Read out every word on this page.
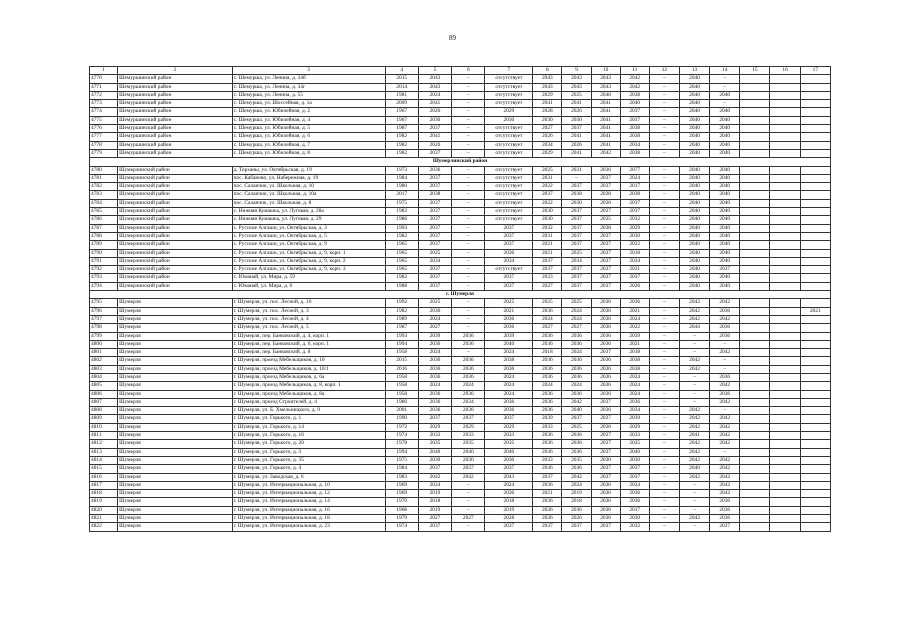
89
1	2	3	4	5	6	7	8	9	10	11	12	13	14	15	16	17
4770	Шемуршинский район	с. Шемурша, ул. Ленина, д. 34б	2015	2043	–	отсутствует	2043	2043	2043	2042	–	2040	–			
4771	Шемуршинский район	с. Шемурша, ул. Ленина, д. 34г	2014	2043	–	отсутствует	2043	2043	2043	2042	–	2040	–			
4772	Шемуршинский район	с. Шемурша, ул. Ленина, д. 55	1981	2024	–	отсутствует	2029	2025	2040	2038	–	2040	2040			
4773	Шемуршинский район	с. Шемурша, ул. Шоссейная, д. 1а	2009	2041	–	отсутствует	2041	2041	2041	2040	–	2040	–			
4774	Шемуршинский район	с. Шемурша, ул. Юбилейная, д. 2	1967	2026	–	2029	2028	2026	2041	2037	–	2040	2040			
4775	Шемуршинский район	с. Шемурша, ул. Юбилейная, д. 4	1967	2030	–	2030	2030	2030	2041	2037	–	2040	2040			
4776	Шемуршинский район	с. Шемурша, ул. Юбилейная, д. 5	1987	2037	–	отсутствует	2027	2037	2041	2038	–	2040	2040			
4777	Шемуршинский район	с. Шемурша, ул. Юбилейная, д. 6	1982	2041	–	отсутствует	2026	2041	2041	2038	–	2040	2040			
4778	Шемуршинский район	с. Шемурша, ул. Юбилейная, д. 7	1982	2026	–	отсутствует	2034	2026	2041	2034	–	2040	2040			
4779	Шемуршинский район	с. Шемурша, ул. Юбилейная, д. 8	1982	2037	–	отсутствует	2029	2041	2042	2038	–	2040	2040			
Шумерлинский район																
4780	Шумерлинский район	д. Торханы, ул. Октябрьская, д. 19	1973	2036	–	отсутствует	2025	2031	2036	2077	–	2040	2040			
4781	Шумерлинский район	пос. Кабаново, ул. Набережная, д. 19	1984	2037	–	отсутствует	2031	–	2037	2024	–	2040	2040			
4782	Шумерлинский район	пос. Саланчик, ул. Школьная, д. 10	1980	2037	–	отсутствует	2022	2037	2037	2017	–	2040	2040			
4783	Шумерлинский район	пос. Саланчик, ул. Школьная, д. 10а	2017	2038	–	отсутствует	2037	2038	2038	2038	–	2040	2040			
4784	Шумерлинский район	пос. Саланчик, ул. Школьная, д. 8	1975	2037	–	отсутствует	2022	2030	2036	2037	–	2040	2040			
4785	Шумерлинский район	с. Нижняя Кумашка, ул. Луговая, д. 28а	1983	2037	–	отсутствует	2030	2037	2037	2037	–	2040	2040			
4786	Шумерлинский район	с. Нижняя Кумашка, ул. Луговая, д. 29	1986	2037	–	отсутствует	2030	2037	2035	2032	–	2040	2040			
4787	Шумерлинский район	с. Русские Алгаши, ул. Октябрьская, д. 3	1993	2037	–	2037	2032	2037	2038	2029	–	2040	2040			
4788	Шумерлинский район	с. Русские Алгаши, ул. Октябрьская, д. 5	1982	2037	–	2037	2031	2037	2037	2030	–	2040	2040			
4789	Шумерлинский район	с. Русские Алгаши, ул. Октябрьская, д. 9	1965	2037	–	2037	2021	2037	2037	2022	–	2040	2040			
4790	Шумерлинский район	с. Русские Алгаши, ул. Октябрьская, д. 9, корп. 1	1965	2025	–	2036	2021	2025	2037	2018	–	2040	2040			
4791	Шумерлинский район	с. Русские Алгаши, ул. Октябрьская, д. 9, корп. 2	1965	2034	–	2034	2037	2034	2037	2034	–	2040	2040			
4792	Шумерлинский район	с. Русские Алгаши, ул. Октябрьская, д. 9, корп. 3	1965	2037	–	отсутствует	2037	2037	2037	2021	–	2040	2037			
4793	Шумерлинский район	с. Юманай, ул. Мира, д. 59	1982	2037	–	2037	2023	2037	2037	2037	–	2040	2040			
4794	Шумерлинский район	с. Юманай, ул. Мира, д. 6	1988	2037	–	2037	2027	2037	2037	2026	–	2040	2040			
г. Шумерля																
4795	Шумерля	г. Шумерля, ул. пос. Лесной, д. 10	1992	2025	–	2025	2025	2025	2036	2036	–	2042	2042			
4796	Шумерля	г. Шумерля, ул. пос. Лесной, д. 3	1982	2036	–	2021	2036	2024	2036	2021	–	2042	2036			2021
4797	Шумерля	г. Шумерля, ул. пос. Лесной, д. 4	1989	2024	–	2036	2024	2024	2036	2024	–	2042	2042			
4798	Шумерля	г. Шумерля, ул. пос. Лесной, д. 5	1987	2027	–	2036	2027	2027	2036	2022	–	2044	2036			
4799	Шумерля	г. Шумерля, пер. Банковский, д. 4, корп. 1	1993	2039	2036	2039	2036	2036	2036	2039	–	–	2036			
4800	Шумерля	г. Шумерля, пер. Банковский, д. 6, корп. 1	1994	2036	2036	2040	2036	2036	2036	2021	–	–	–			
4801	Шумерля	г. Шумерля, пер. Банковский, д. 8	1958	2024	–	2024	2018	2024	2037	2018	–	–	2042			
4802	Шумерля	г. Шумерля, проезд Мебельщиков, д. 10	2015	2036	2036	2038	2036	2036	2036	2038	–	2042	–			
4803	Шумерля	г. Шумерля, проезд Мебельщиков, д. 10/1	2016	2036	2036	2036	2036	2036	2036	2038	–	2042	–			
4804	Шумерля	г. Шумерля, проезд Мебельщиков, д. 6а	1958	2036	2036	2024	2036	2036	2036	2024	–	–	2036			
4805	Шумерля	г. Шумерля, проезд Мебельщиков, д. 8, корп. 1	1958	2024	2024	2024	2024	2024	2036	2024	–	–	2042			
4806	Шумерля	г. Шумерля, проезд Мебельщиков, д. 8а	1958	2036	2036	2024	2036	2036	2036	2024	–	–	2036			
4807	Шумерля	г. Шумерля, проезд Строителей, д. 4	1980	2036	2034	2036	2036	2042	2037	2036	–	–	2042			
4808	Шумерля	г. Шумерля, ул. Б. Хмельницкого, д. 9	2001	2036	2036	2036	2036	2040	2036	2034	–	2042	–			
4809	Шумерля	г. Шумерля, ул. Горького, д. 1	1990	2037	2037	2037	2039	2037	2037	2039	–	2042	2042			
4810	Шумерля	г. Шумерля, ул. Горького, д. 14	1972	2029	2029	2029	2033	2025	2036	2029	–	2042	2042			
4811	Шумерля	г. Шумерля, ул. Горького, д. 16	1974	2033	2033	2033	2036	2036	2037	2033	–	2041	2042			
4812	Шумерля	г. Шумерля, ул. Горького, д. 20	1978	2035	2035	2035	2036	2036	2037	2035	–	2042	2042			
4813	Шумерля	г. Шумерля, ул. Горького, д. 3	1994	2040	2040	2040	2036	2036	2037	2040	–	2042	–			
4814	Шумерля	г. Шумерля, ул. Горького, д. 35	1975	2030	2030	2030	2033	2035	2030	2030	–	2042	2042			
4815	Шумерля	г. Шумерля, ул. Горького, д. 4	1984	2037	2037	2037	2036	2036	2037	2037	–	2040	2042			
4816	Шумерля	г. Шумерля, ул. Заводская, д. 6	1983	2042	2042	2043	2037	2042	2037	2037	–	2042	2042			
4817	Шумерля	г. Шумерля, ул. Интернациональная, д. 10	1969	2024	–	2024	2036	2024	2036	2024	–	–	2042			
4818	Шумерля	г. Шумерля, ул. Интернациональная, д. 12	1969	2019	–	2036	2021	2019	2036	2036	–	–	2042			
4819	Шумерля	г. Шумерля, ул. Интернациональная, д. 14	1970	2018	–	2018	2036	2018	2036	2036	–	–	2036			
4820	Шумерля	г. Шумерля, ул. Интернациональная, д. 16	1968	2019	–	2019	2036	2036	2036	2017	–	–	2036			
4821	Шумерля	г. Шумерля, ул. Интернациональная, д. 18	1979	2027	2027	2028	2036	2026	2036	2030	–	2042	2036			
4822	Шумерля	г. Шумерля, ул. Интернациональная, д. 23	1974	2037	–	2037	2037	2037	2037	2032	–	–	2037			
